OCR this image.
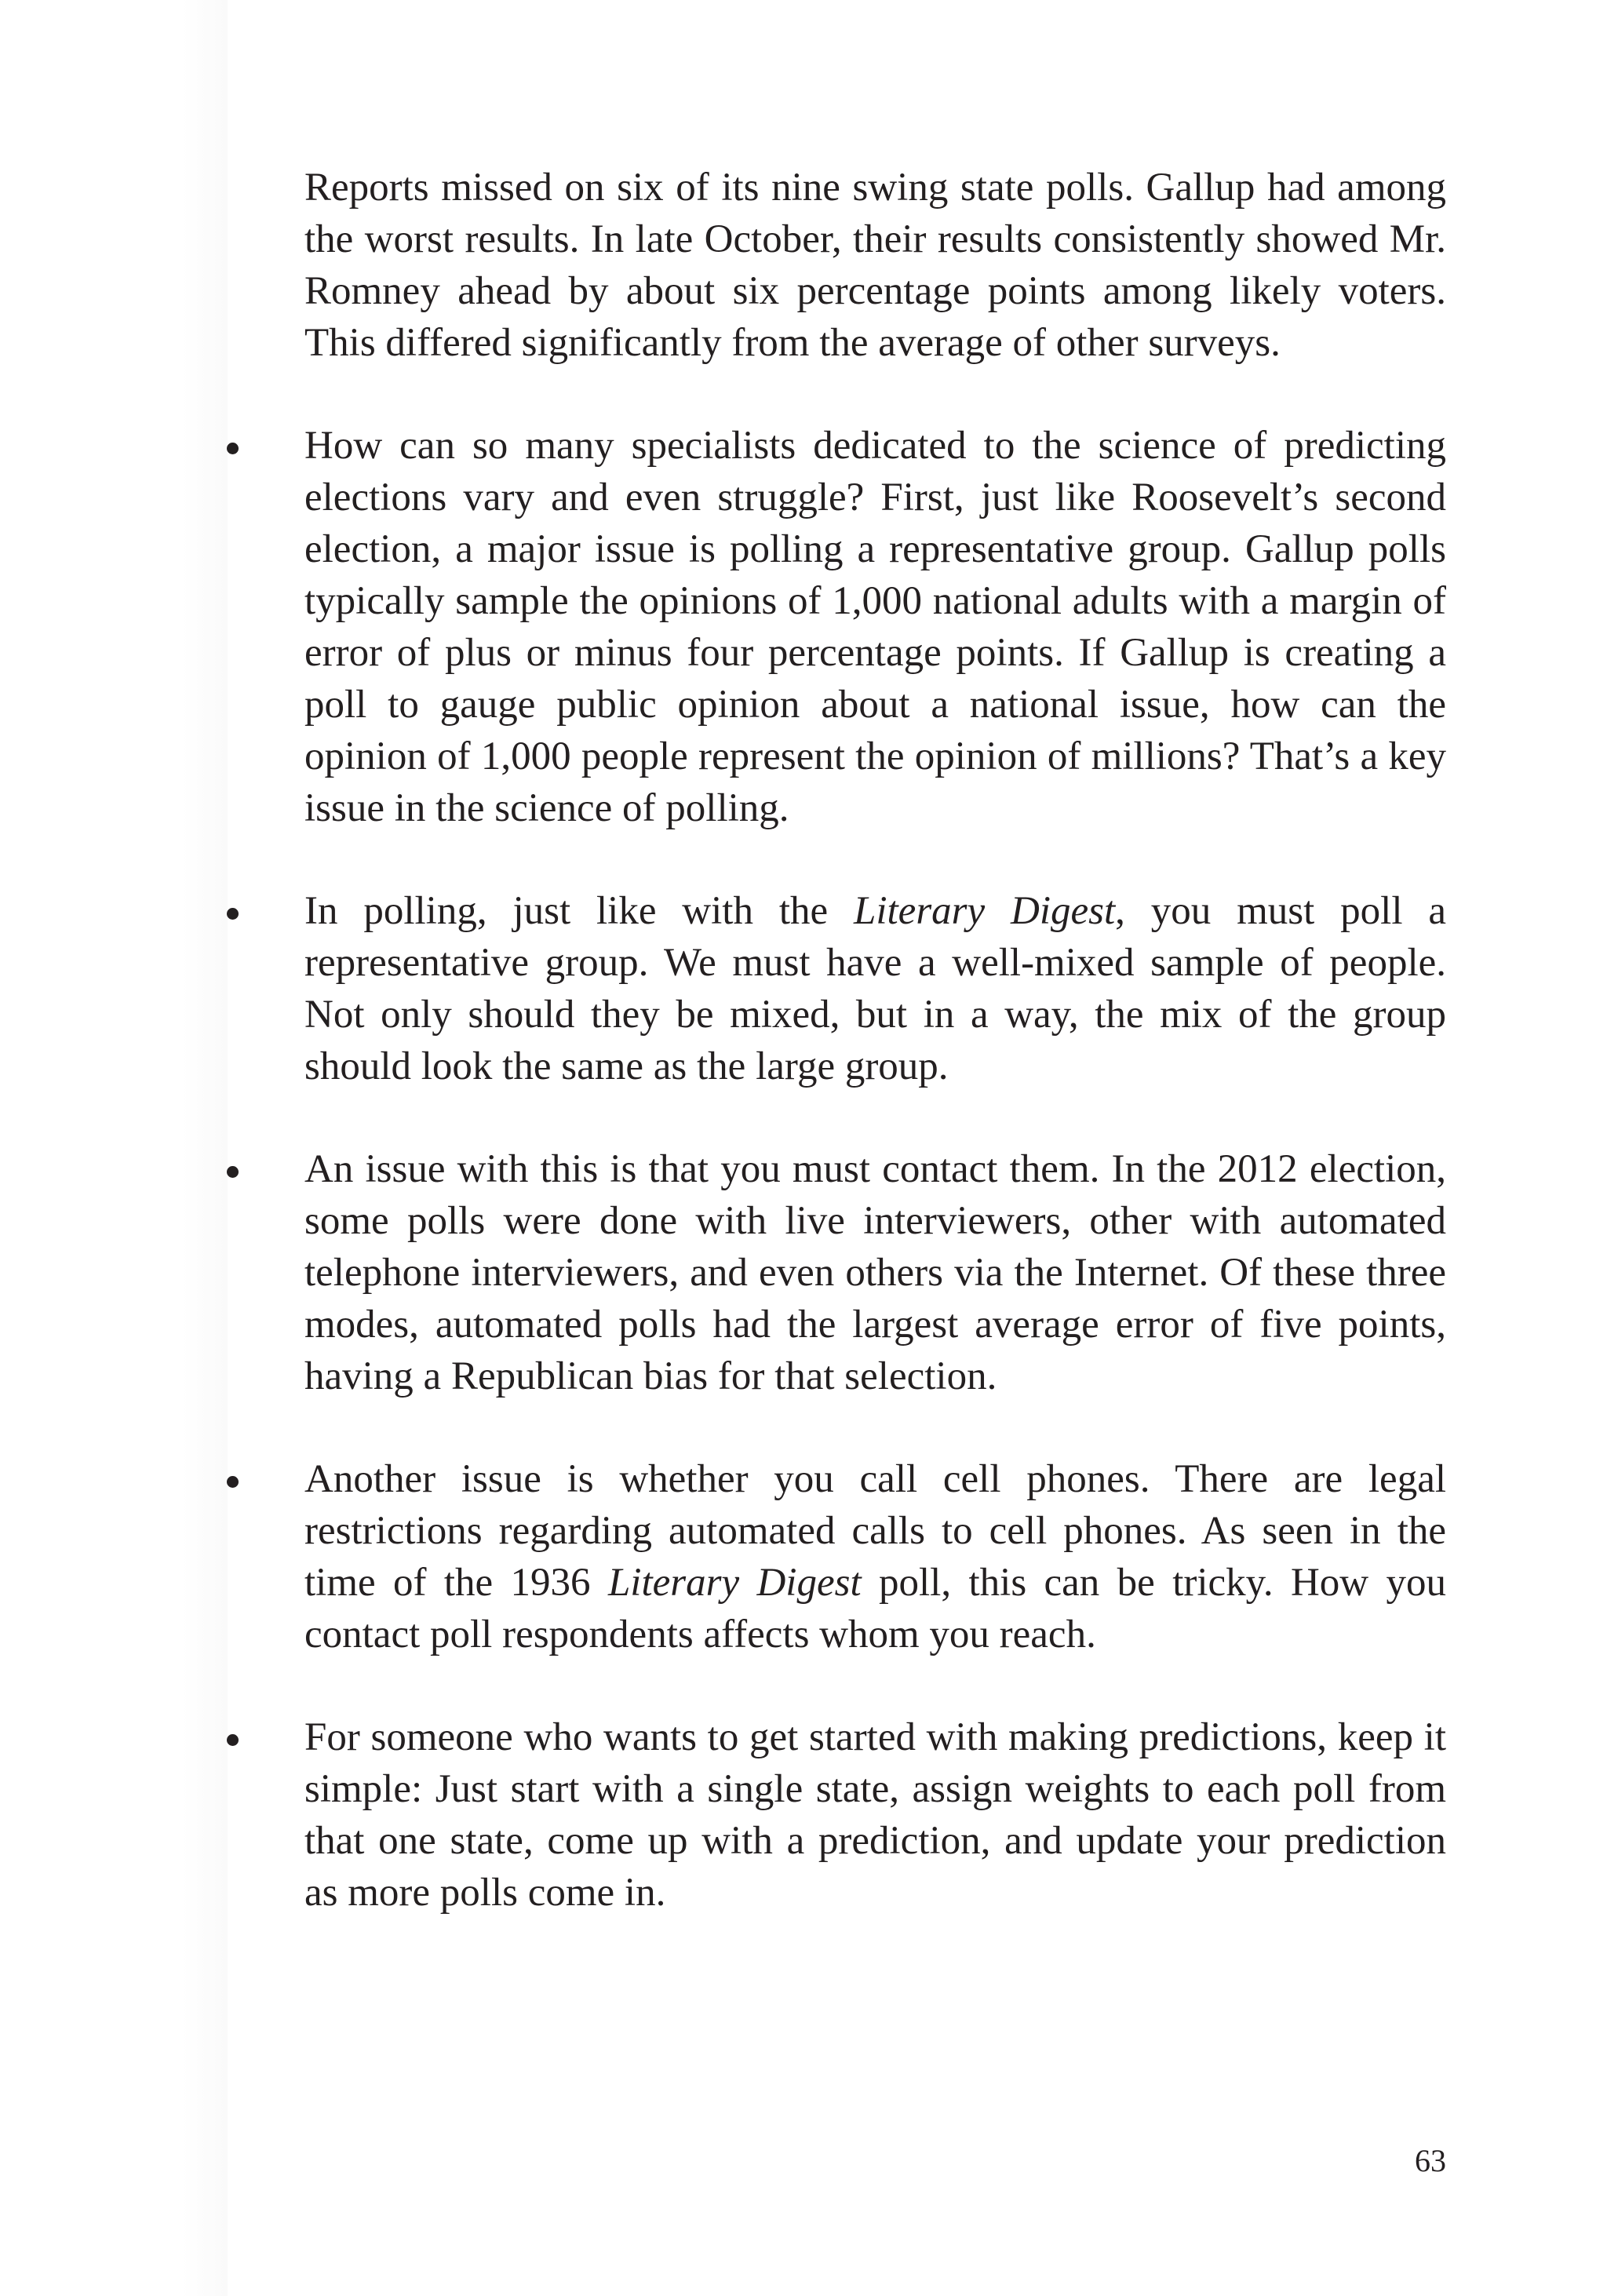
Reports missed on six of its nine swing state polls. Gallup had among the worst results. In late October, their results consistently showed Mr. Romney ahead by about six percentage points among likely voters. This differed significantly from the average of other surveys.

How can so many specialists dedicated to the science of predicting elections vary and even struggle? First, just like Roosevelt’s second election, a major issue is polling a representative group. Gallup polls typically sample the opinions of 1,000 national adults with a margin of error of plus or minus four percentage points. If Gallup is creating a poll to gauge public opinion about a national issue, how can the opinion of 1,000 people represent the opinion of millions? That’s a key issue in the science of polling.

In polling, just like with the Literary Digest, you must poll a representative group. We must have a well-mixed sample of people. Not only should they be mixed, but in a way, the mix of the group should look the same as the large group.

An issue with this is that you must contact them. In the 2012 election, some polls were done with live interviewers, other with automated telephone interviewers, and even others via the Internet. Of these three modes, automated polls had the largest average error of five points, having a Republican bias for that selection.

Another issue is whether you call cell phones. There are legal restrictions regarding automated calls to cell phones. As seen in the time of the 1936 Literary Digest poll, this can be tricky. How you contact poll respondents affects whom you reach.

For someone who wants to get started with making predictions, keep it simple: Just start with a single state, assign weights to each poll from that one state, come up with a prediction, and update your prediction as more polls come in.

63
